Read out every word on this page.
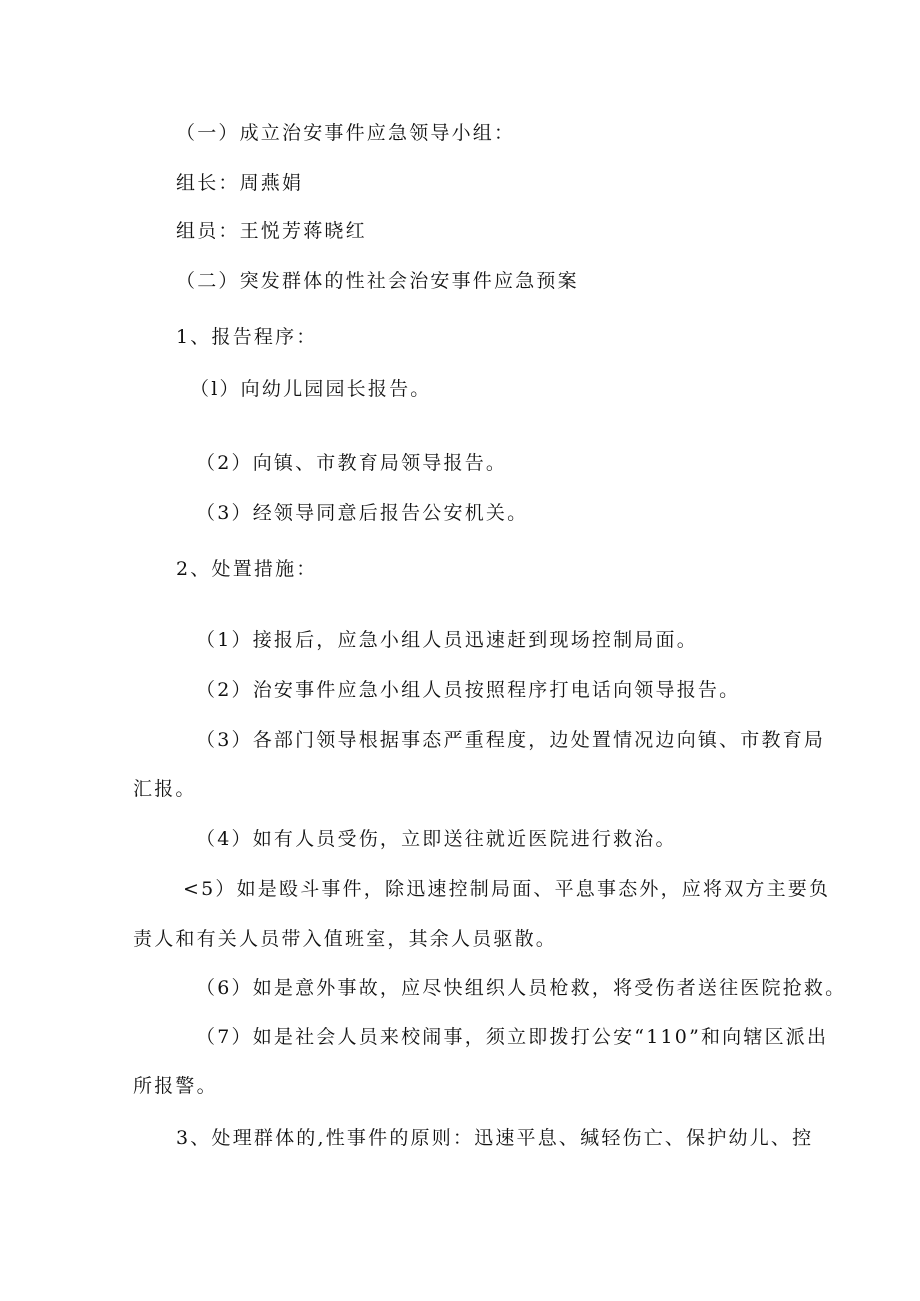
（一）成立治安事件应急领导小组：
组长：周燕娟
组员：王悦芳蒋晓红
（二）突发群体的性社会治安事件应急预案
1、报告程序：
（l）向幼儿园园长报告。
（2）向镇、市教育局领导报告。
（3）经领导同意后报告公安机关。
2、处置措施：
（1）接报后，应急小组人员迅速赶到现场控制局面。
（2）治安事件应急小组人员按照程序打电话向领导报告。
（3）各部门领导根据事态严重程度，边处置情况边向镇、市教育局
汇报。
（4）如有人员受伤，立即送往就近医院进行救治。
<5）如是殴斗事件，除迅速控制局面、平息事态外，应将双方主要负
责人和有关人员带入值班室，其余人员驱散。
（6）如是意外事故，应尽快组织人员枪救，将受伤者送往医院抢救。
（7）如是社会人员来校闹事，须立即拨打公安“110”和向辖区派出
所报警。
3、处理群体的,性事件的原则：迅速平息、缄轻伤亡、保护幼儿、控
